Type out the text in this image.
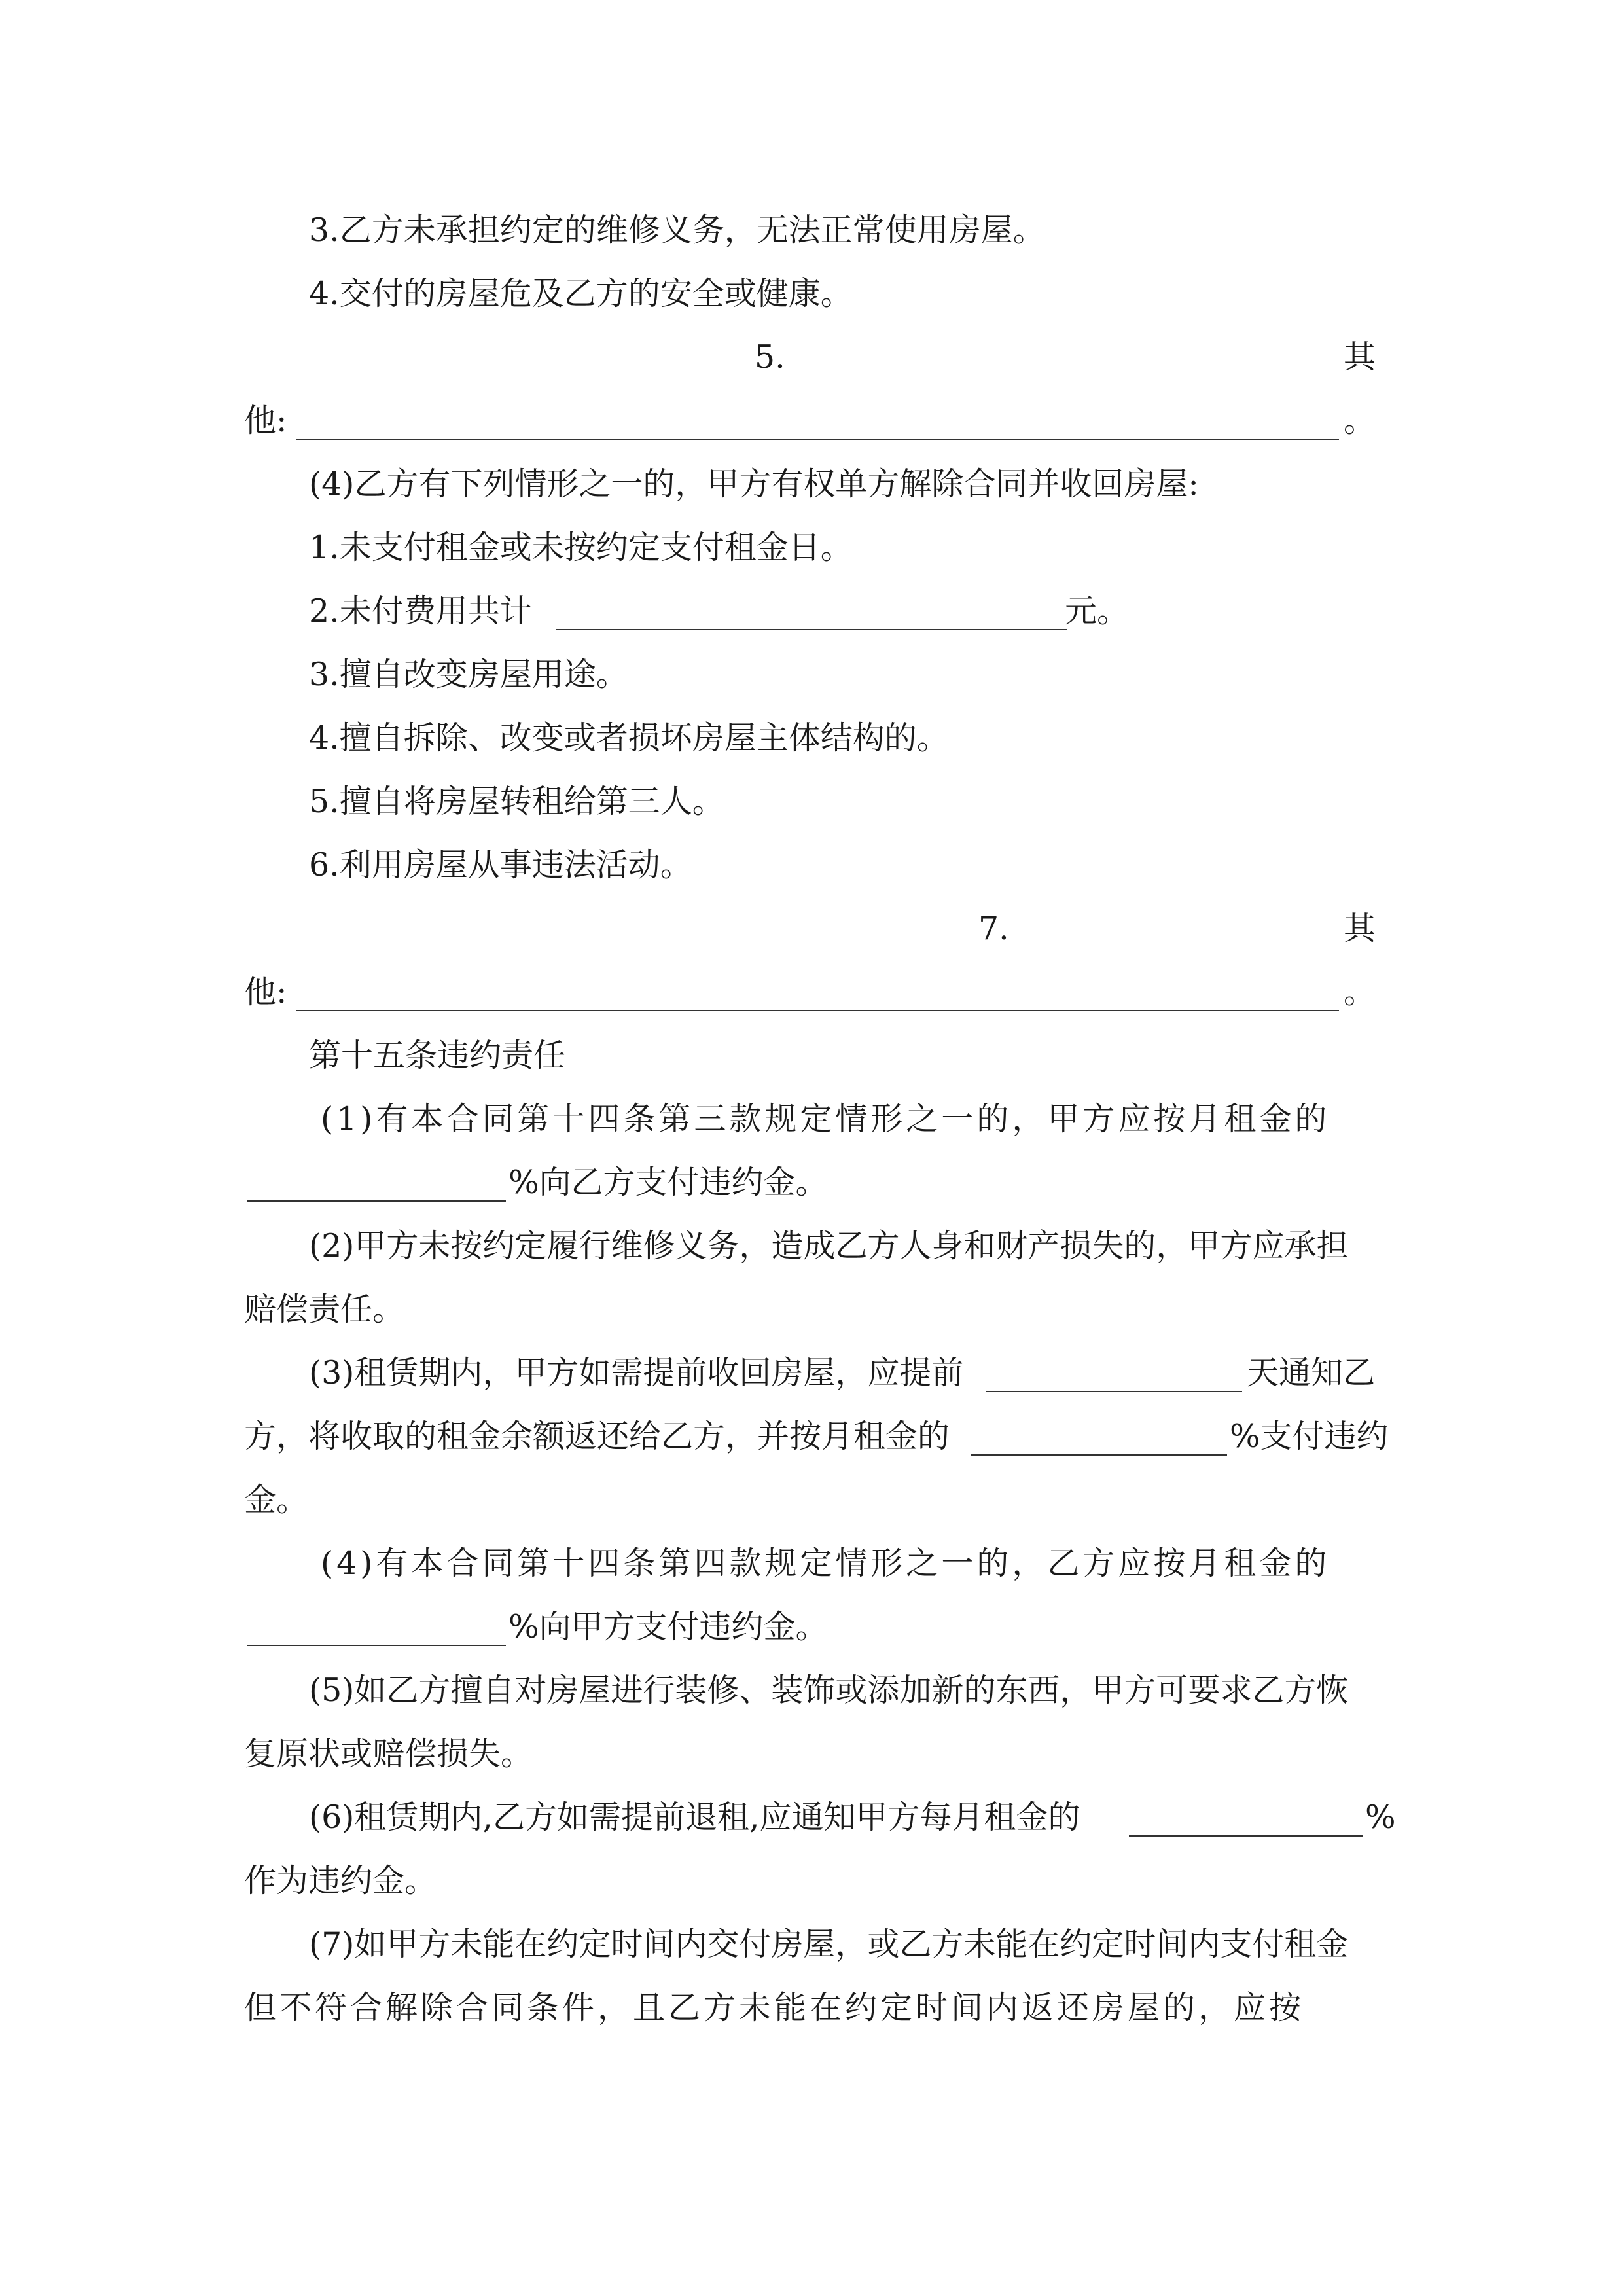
3.乙方未承担约定的维修义务，无法正常使用房屋。
4.交付的房屋危及乙方的安全或健康。
5.	其
他:	。
(4)乙方有下列情形之一的，甲方有权单方解除合同并收回房屋:
1.未支付租金或未按约定支付租金日。
2.未付费用共计	元。
3.擅自改变房屋用途。
4.擅自拆除、改变或者损坏房屋主体结构的。
5.擅自将房屋转租给第三人。
6.利用房屋从事违法活动。
7.	其
他:	。
第十五条违约责任
(1)有本合同第十四条第三款规定情形之一的，甲方应按月租金的
%向乙方支付违约金。
(2)甲方未按约定履行维修义务，造成乙方人身和财产损失的，甲方应承担
赔偿责任。
(3)租赁期内，甲方如需提前收回房屋，应提前	天通知乙
方，将收取的租金余额返还给乙方，并按月租金的	%支付违约
金。
(4)有本合同第十四条第四款规定情形之一的，乙方应按月租金的
%向甲方支付违约金。
(5)如乙方擅自对房屋进行装修、装饰或添加新的东西，甲方可要求乙方恢
复原状或赔偿损失。
(6)租赁期内,乙方如需提前退租,应通知甲方每月租金的	%
作为违约金。
(7)如甲方未能在约定时间内交付房屋，或乙方未能在约定时间内支付租金
但不符合解除合同条件，且乙方未能在约定时间内返还房屋的，应按
